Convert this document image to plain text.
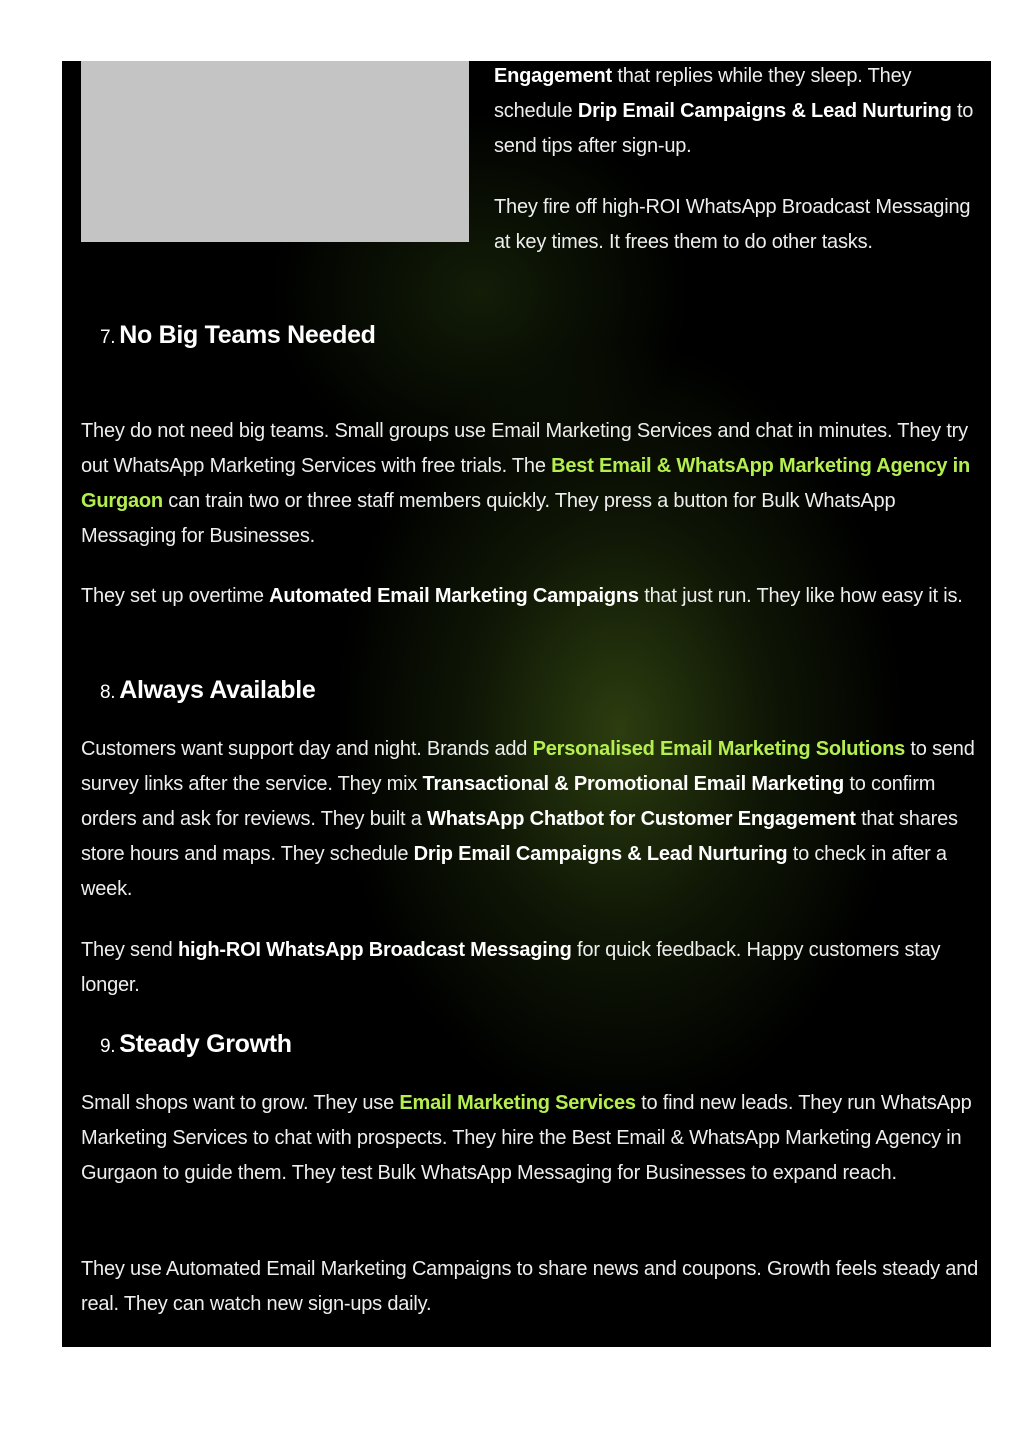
Engagement that replies while they sleep. They schedule Drip Email Campaigns & Lead Nurturing to send tips after sign-up.

They fire off high-ROI WhatsApp Broadcast Messaging at key times. It frees them to do other tasks.

7. No Big Teams Needed

They do not need big teams. Small groups use Email Marketing Services and chat in minutes. They try out WhatsApp Marketing Services with free trials. The Best Email & WhatsApp Marketing Agency in Gurgaon can train two or three staff members quickly. They press a button for Bulk WhatsApp Messaging for Businesses.

They set up overtime Automated Email Marketing Campaigns that just run. They like how easy it is.

8. Always Available

Customers want support day and night. Brands add Personalised Email Marketing Solutions to send survey links after the service. They mix Transactional & Promotional Email Marketing to confirm orders and ask for reviews. They built a WhatsApp Chatbot for Customer Engagement that shares store hours and maps. They schedule Drip Email Campaigns & Lead Nurturing to check in after a week.

They send high-ROI WhatsApp Broadcast Messaging for quick feedback. Happy customers stay longer.

9. Steady Growth

Small shops want to grow. They use Email Marketing Services to find new leads. They run WhatsApp Marketing Services to chat with prospects. They hire the Best Email & WhatsApp Marketing Agency in Gurgaon to guide them. They test Bulk WhatsApp Messaging for Businesses to expand reach.

They use Automated Email Marketing Campaigns to share news and coupons. Growth feels steady and real. They can watch new sign-ups daily.
